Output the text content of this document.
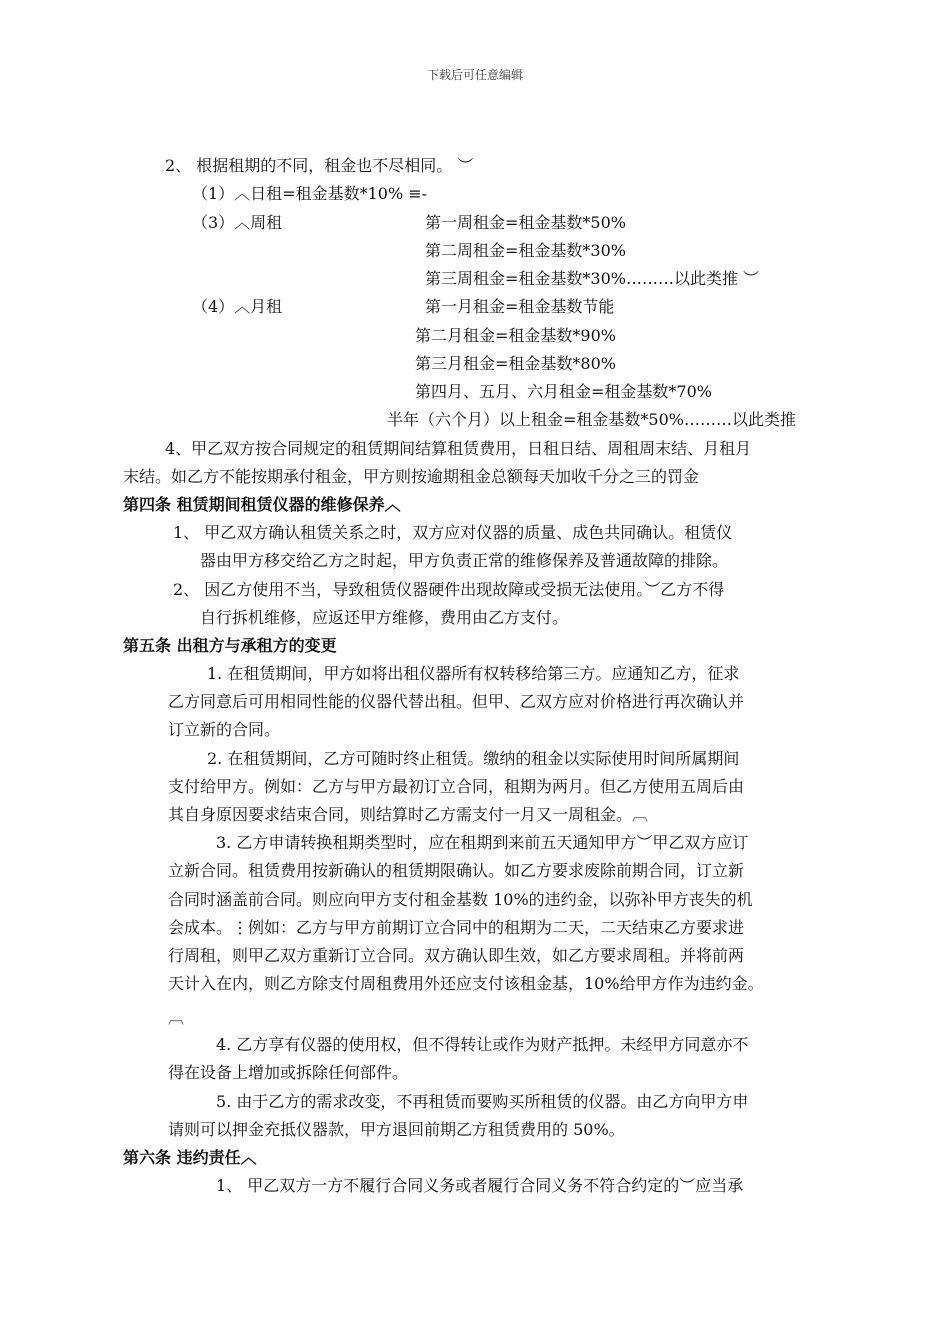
下载后可任意编辑
2、 根据租期的不同，租金也不尽相同。 ︶
（1）︿日租=租金基数*10% ≡-
（3）︿周租	第一周租金=租金基数*50%
第二周租金=租金基数*30%
第三周租金=租金基数*30%………以此类推 ︶
（4）︿月租	第一月租金=租金基数节能
第二月租金=租金基数*90%
第三月租金=租金基数*80%
第四月、五月、六月租金=租金基数*70%
半年（六个月）以上租金=租金基数*50%………以此类推
4、甲乙双方按合同规定的租赁期间结算租赁费用，日租日结、周租周末结、月租月
末结。如乙方不能按期承付租金，甲方则按逾期租金总额每天加收千分之三的罚金
第四条 租赁期间租赁仪器的维修保养︿
1、 甲乙双方确认租赁关系之时，双方应对仪器的质量、成色共同确认。租赁仪
器由甲方移交给乙方之时起，甲方负责正常的维修保养及普通故障的排除。
2、 因乙方使用不当，导致租赁仪器硬件出现故障或受损无法使用。︶乙方不得
自行拆机维修，应返还甲方维修，费用由乙方支付。
第五条 出租方与承租方的变更
1. 在租赁期间，甲方如将出租仪器所有权转移给第三方。应通知乙方，征求
乙方同意后可用相同性能的仪器代替出租。但甲、乙双方应对价格进行再次确认并
订立新的合同。
2. 在租赁期间，乙方可随时终止租赁。缴纳的租金以实际使用时间所属期间
支付给甲方。例如：乙方与甲方最初订立合同，租期为两月。但乙方使用五周后由
其自身原因要求结束合同，则结算时乙方需支付一月又一周租金。︹
3. 乙方申请转换租期类型时，应在租期到来前五天通知甲方︶甲乙双方应订
立新合同。租赁费用按新确认的租赁期限确认。如乙方要求废除前期合同，订立新
合同时涵盖前合同。则应向甲方支付租金基数 10%的违约金，以弥补甲方丧失的机
会成本。⋮例如：乙方与甲方前期订立合同中的租期为二天，二天结束乙方要求进
行周租，则甲乙双方重新订立合同。双方确认即生效，如乙方要求周租。并将前两
天计入在内，则乙方除支付周租费用外还应支付该租金基，10%给甲方作为违约金。
︹
4. 乙方享有仪器的使用权，但不得转让或作为财产抵押。未经甲方同意亦不
得在设备上增加或拆除任何部件。
5. 由于乙方的需求改变，不再租赁而要购买所租赁的仪器。由乙方向甲方申
请则可以押金充抵仪器款，甲方退回前期乙方租赁费用的 50%。
第六条 违约责任︿
1、 甲乙双方一方不履行合同义务或者履行合同义务不符合约定的︶应当承
